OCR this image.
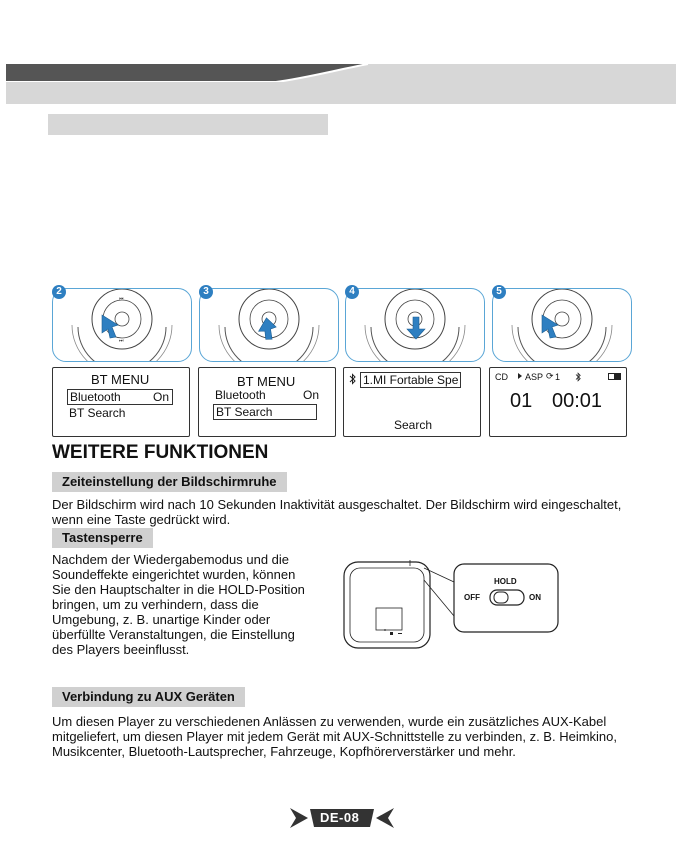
⏮
⏭
2	3	4	5
BT MENU
Bluetooth	On
BT Search
BT MENU
Bluetooth	On
BT Search
1.MI Fortable Spe
Search
CD ASP ⟳ 1
01 00:01
WEITERE FUNKTIONEN
Zeiteinstellung der Bildschirmruhe

Der Bildschirm wird nach 10 Sekunden Inaktivität ausgeschaltet. Der Bildschirm wird eingeschaltet,

wenn eine Taste gedrückt wird.

Tastensperre

Nachdem der Wiedergabemodus und die

Soundeffekte eingerichtet wurden, können

Sie den Hauptschalter in die HOLD-Position

bringen, um zu verhindern, dass die

Umgebung, z. B. unartige Kinder oder

überfüllte Veranstaltungen, die Einstellung

des Players beeinflusst.

HOLD
OFF	ON
Verbindung zu AUX Geräten

Um diesen Player zu verschiedenen Anlässen zu verwenden, wurde ein zusätzliches AUX-Kabel

mitgeliefert, um diesen Player mit jedem Gerät mit AUX-Schnittstelle zu verbinden, z. B. Heimkino,

Musikcenter, Bluetooth-Lautsprecher, Fahrzeuge, Kopfhörerverstärker und mehr.

DE-08
